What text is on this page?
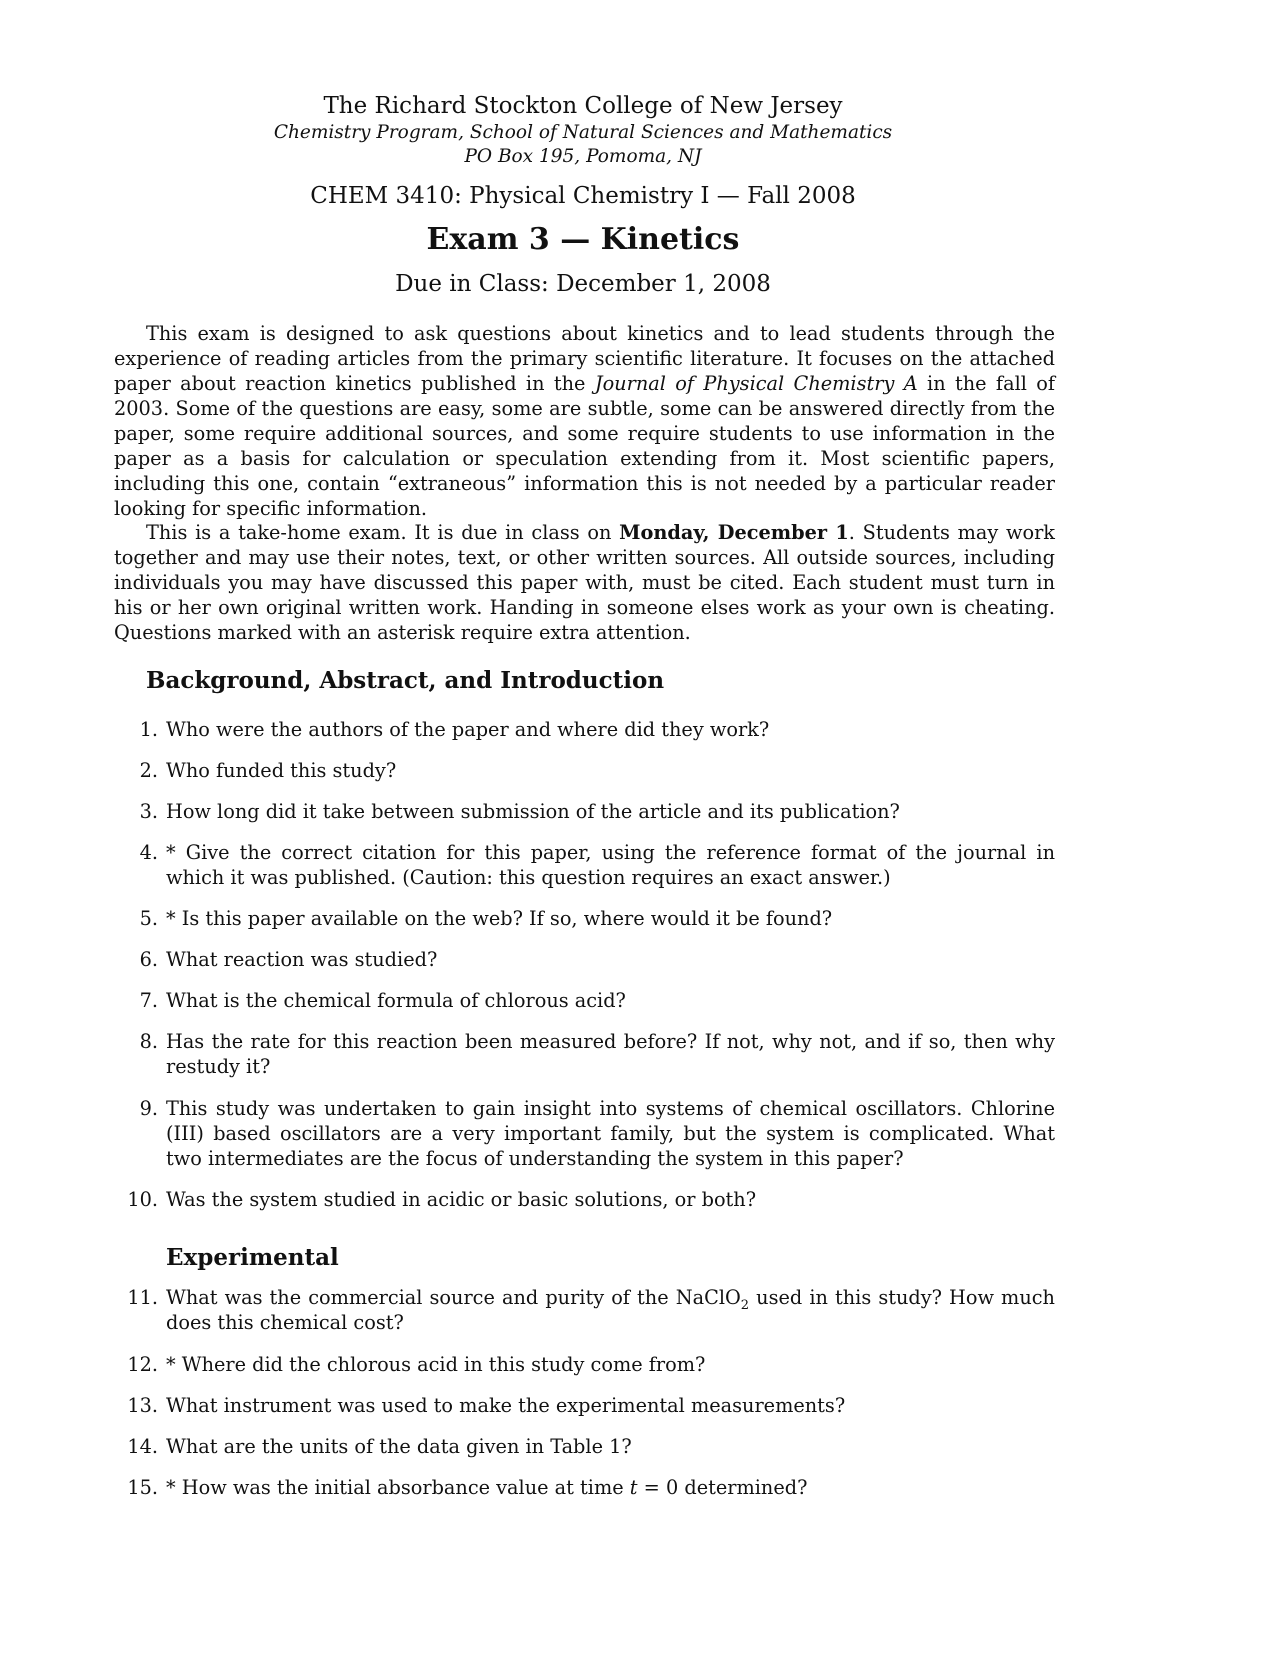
The Richard Stockton College of New Jersey
Chemistry Program, School of Natural Sciences and Mathematics
PO Box 195, Pomoma, NJ
CHEM 3410: Physical Chemistry I — Fall 2008
Exam 3 — Kinetics
Due in Class: December 1, 2008

This exam is designed to ask questions about kinetics and to lead students through the experience of reading articles from the primary scientific literature. It focuses on the attached paper about reaction kinetics published in the Journal of Physical Chemistry A in the fall of 2003. Some of the questions are easy, some are subtle, some can be answered directly from the paper, some require additional sources, and some require students to use information in the paper as a basis for calculation or speculation extending from it. Most scientific papers, including this one, contain “extraneous” information this is not needed by a particular reader looking for specific information.

This is a take-home exam. It is due in class on Monday, December 1. Students may work together and may use their notes, text, or other written sources. All outside sources, including individuals you may have discussed this paper with, must be cited. Each student must turn in his or her own original written work. Handing in someone elses work as your own is cheating. Questions marked with an asterisk require extra attention.

Background, Abstract, and Introduction

1. Who were the authors of the paper and where did they work?

2. Who funded this study?

3. How long did it take between submission of the article and its publication?

4. * Give the correct citation for this paper, using the reference format of the journal in which it was published. (Caution: this question requires an exact answer.)

5. * Is this paper available on the web? If so, where would it be found?

6. What reaction was studied?

7. What is the chemical formula of chlorous acid?

8. Has the rate for this reaction been measured before? If not, why not, and if so, then why restudy it?

9. This study was undertaken to gain insight into systems of chemical oscillators. Chlorine (III) based oscillators are a very important family, but the system is complicated. What two intermediates are the focus of understanding the system in this paper?

10. Was the system studied in acidic or basic solutions, or both?

Experimental

11. What was the commercial source and purity of the NaClO$_2$ used in this study? How much does this chemical cost?

12. * Where did the chlorous acid in this study come from?

13. What instrument was used to make the experimental measurements?

14. What are the units of the data given in Table 1?

15. * How was the initial absorbance value at time t = 0 determined?
